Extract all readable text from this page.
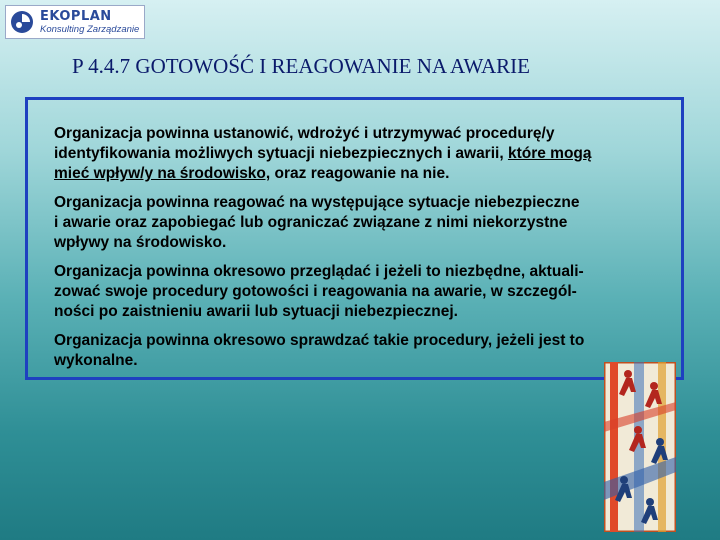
EKOPLAN
Konsulting Zarządzanie
P 4.4.7 GOTOWOŚĆ I REAGOWANIE NA AWARIE

Organizacja powinna ustanowić, wdrożyć i utrzymywać procedurę/y
identyfikowania możliwych sytuacji niebezpiecznych i awarii, które mogą
mieć wpływ/y na środowisko, oraz reagowanie na nie.

Organizacja powinna reagować na występujące sytuacje niebezpieczne
i awarie oraz zapobiegać lub ograniczać związane z nimi niekorzystne
wpływy na środowisko.

Organizacja powinna okresowo przeglądać i jeżeli to niezbędne, aktuali-
zować swoje procedury gotowości i reagowania na awarie, w szczegól-
ności po zaistnieniu awarii lub sytuacji niebezpiecznej.

Organizacja powinna okresowo sprawdzać takie procedury, jeżeli jest to
wykonalne.
